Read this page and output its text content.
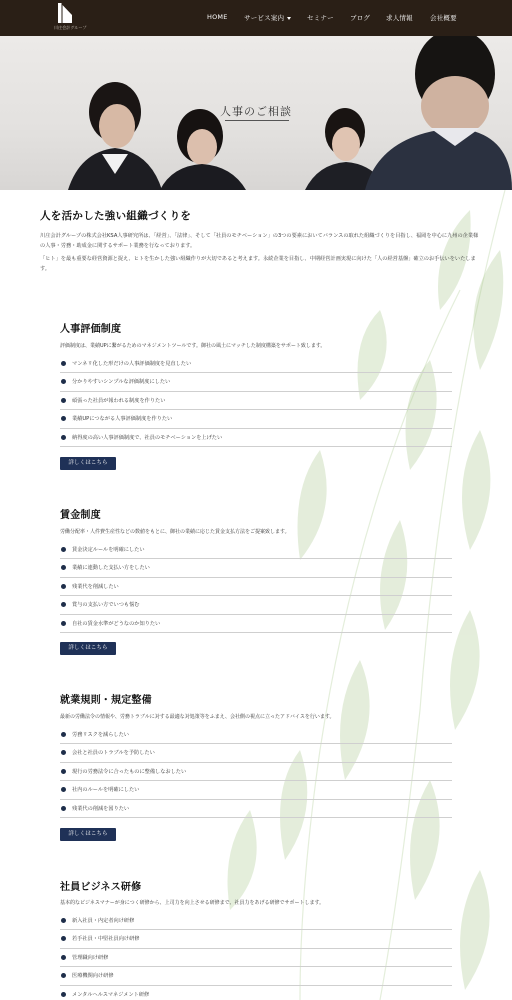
川庄会計グループ
HOME	サービス案内	セミナー ブログ 求人情報	会社概要
人事のご相談
人を活かした強い組織づくりを
川庄会計グループの株式会社KSA人事研究所は、「経営」、「法律」、そして「社員のモチベーション」の3つの要素においてバランスの取れた組織づくりを目指し、福岡を中心に九州の企業様の人事・労務・助成金に関するサポート業務を行なっております。
「ヒト」を最も重要な経営資源と捉え、ヒトを生かした強い組織作りが大切であると考えます。永続企業を目指し、中期経営計画実現に向けた「人の経営基盤」確立のお手伝いをいたします。
人事評価制度
評価制度は、業績UPに繋がるためのマネジメントツールです。御社の風土にマッチした制度構築をサポート致します。
マンネリ化した形だけの人事評価制度を見直したい
分かりやすいシンプルな評価制度にしたい
頑張った社員が報われる制度を作りたい
業績UPにつながる人事評価制度を作りたい
納得度の高い人事評価制度で、社員のモチベーションを上げたい
詳しくはこちら
賃金制度
労働分配率・人件費生産性などの数値をもとに、御社の業績に応じた賃金支払方法をご提案致します。
賃金決定ルールを明確にしたい
業績に連動した支払い方をしたい
残業代を削減したい
賞与の支払い方でいつも悩む
自社の賃金水準がどうなのか知りたい
詳しくはこちら
就業規則・規定整備
最新の労働法令の情報や、労務トラブルに対する最適な対処策等をふまえ、会社側の視点に立ったアドバイスを行います。
労務リスクを減らしたい
会社と社員のトラブルを予防したい
現行の労務法令に合ったものに整備しなおしたい
社内のルールを明確にしたい
残業代の削減を図りたい
詳しくはこちら
社員ビジネス研修
基本的なビジネスマナーが身につく研修から、上司力を向上させる研修まで、社員力をあげる研修でサポートします。
新入社員・内定者向け研修
若手社員・中堅社員向け研修
管理職向け研修
医療機関向け研修
メンタルヘルスマネジメント研修
